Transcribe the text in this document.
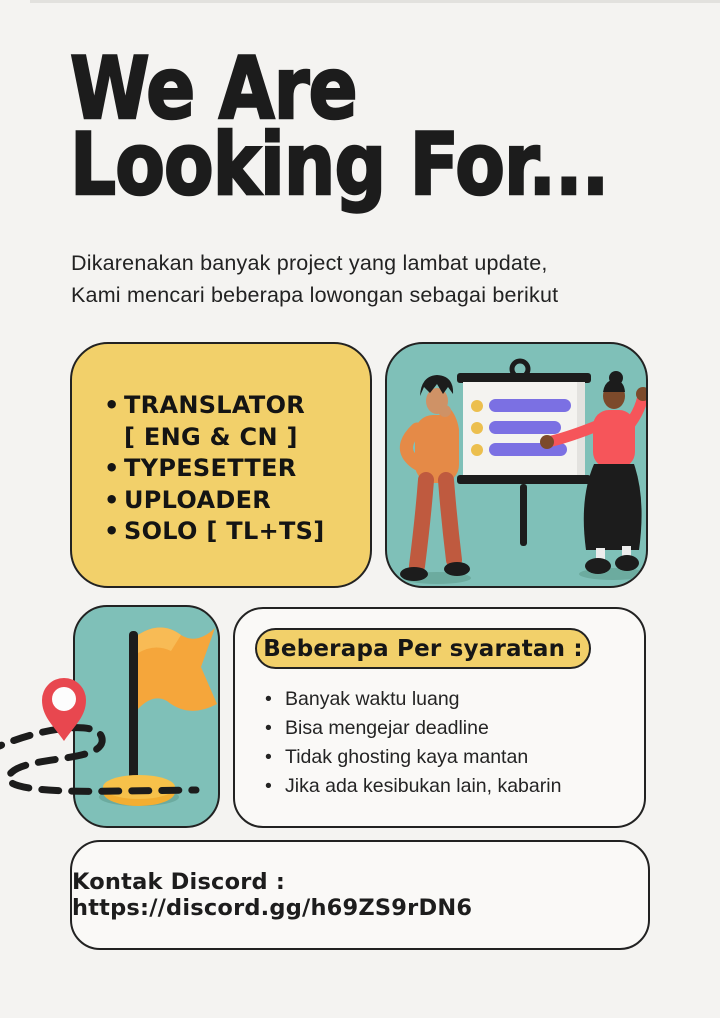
We Are
Looking For...

Dikarenakan banyak project yang lambat update,
Kami mencari beberapa lowongan sebagai berikut

• TRANSLATOR
[ ENG & CN ]
• TYPESETTER
• UPLOADER
• SOLO [ TL+TS]
Beberapa Per syaratan :
• Banyak waktu luang
• Bisa mengejar deadline
• Tidak ghosting kaya mantan
• Jika ada kesibukan lain, kabarin
Kontak Discord : https://discord.gg/h69ZS9rDN6
